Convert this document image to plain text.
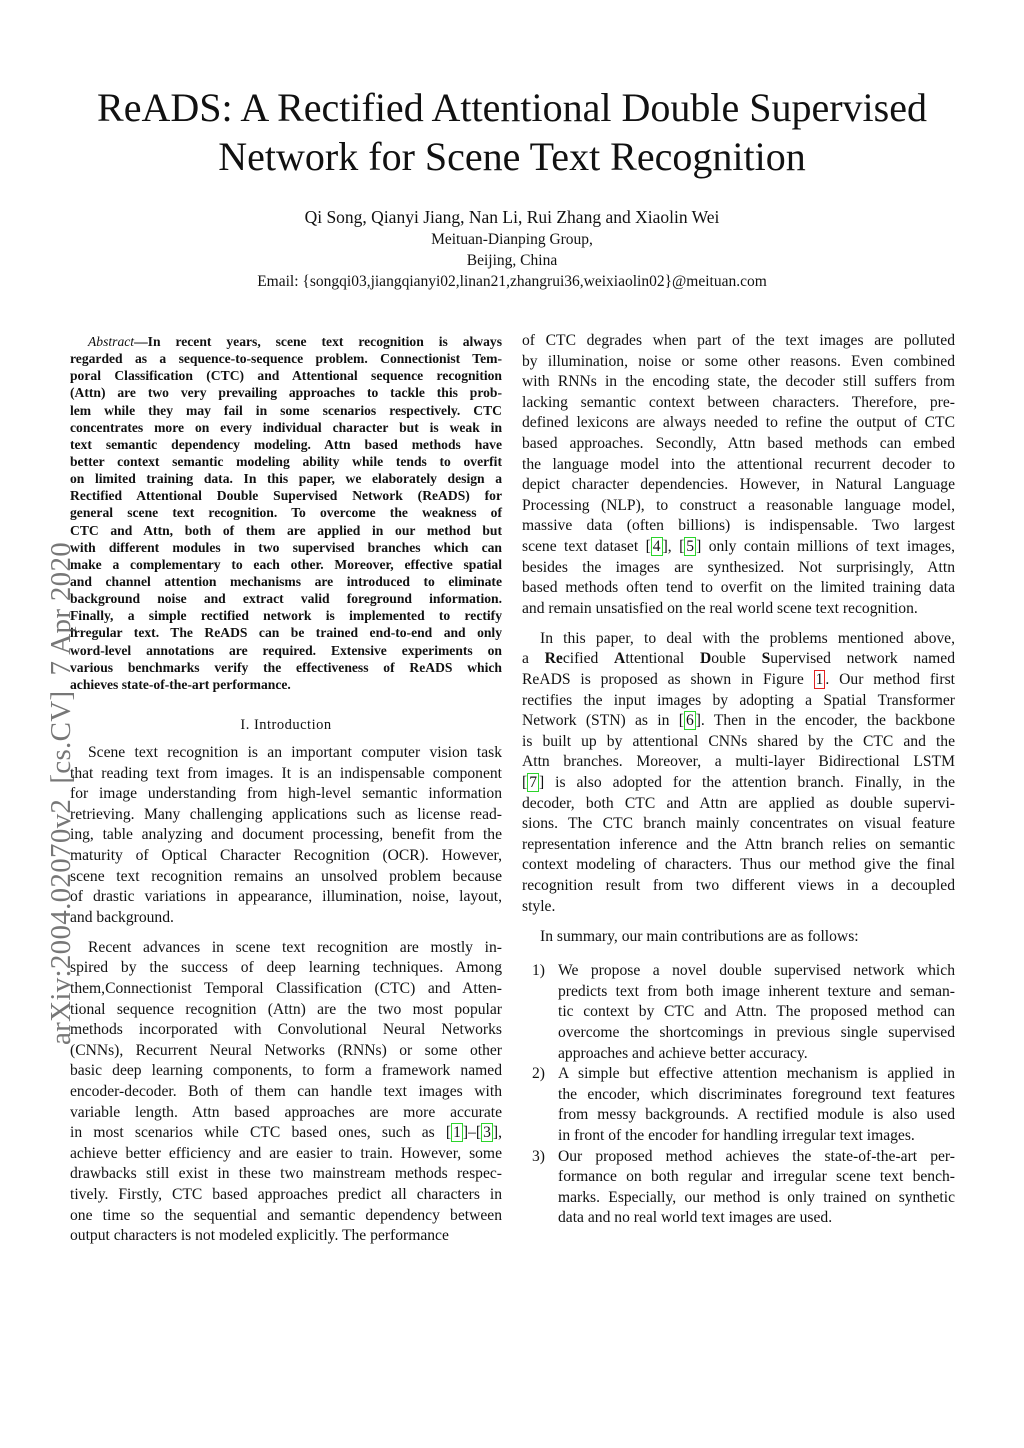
ReADS: A Rectified Attentional Double Supervised
Network for Scene Text Recognition
Qi Song, Qianyi Jiang, Nan Li, Rui Zhang and Xiaolin Wei
Meituan-Dianping Group,
Beijing, China
Email: {songqi03,jiangqianyi02,linan21,zhangrui36,weixiaolin02}@meituan.com
arXiv:2004.02070v2  [cs.CV]  7 Apr 2020
Abstract—In recent years, scene text recognition is always
regarded as a sequence-to-sequence problem. Connectionist Tem-
poral Classification (CTC) and Attentional sequence recognition
(Attn) are two very prevailing approaches to tackle this prob-
lem while they may fail in some scenarios respectively. CTC
concentrates more on every individual character but is weak in
text semantic dependency modeling. Attn based methods have
better context semantic modeling ability while tends to overfit
on limited training data. In this paper, we elaborately design a
Rectified Attentional Double Supervised Network (ReADS) for
general scene text recognition. To overcome the weakness of
CTC and Attn, both of them are applied in our method but
with different modules in two supervised branches which can
make a complementary to each other. Moreover, effective spatial
and channel attention mechanisms are introduced to eliminate
background noise and extract valid foreground information.
Finally, a simple rectified network is implemented to rectify
irregular text. The ReADS can be trained end-to-end and only
word-level annotations are required. Extensive experiments on
various benchmarks verify the effectiveness of ReADS which
achieves state-of-the-art performance.
I. Introduction
Scene text recognition is an important computer vision task
that reading text from images. It is an indispensable component
for image understanding from high-level semantic information
retrieving. Many challenging applications such as license read-
ing, table analyzing and document processing, benefit from the
maturity of Optical Character Recognition (OCR). However,
scene text recognition remains an unsolved problem because
of drastic variations in appearance, illumination, noise, layout,
and background.
Recent advances in scene text recognition are mostly in-
spired by the success of deep learning techniques. Among
them,Connectionist Temporal Classification (CTC) and Atten-
tional sequence recognition (Attn) are the two most popular
methods incorporated with Convolutional Neural Networks
(CNNs), Recurrent Neural Networks (RNNs) or some other
basic deep learning components, to form a framework named
encoder-decoder. Both of them can handle text images with
variable length. Attn based approaches are more accurate
in most scenarios while CTC based ones, such as [ 1 ]–[ 3 ],
achieve better efficiency and are easier to train. However, some
drawbacks still exist in these two mainstream methods respec-
tively. Firstly, CTC based approaches predict all characters in
one time so the sequential and semantic dependency between
output characters is not modeled explicitly. The performance
of CTC degrades when part of the text images are polluted
by illumination, noise or some other reasons. Even combined
with RNNs in the encoding state, the decoder still suffers from
lacking semantic context between characters. Therefore, pre-
defined lexicons are always needed to refine the output of CTC
based approaches. Secondly, Attn based methods can embed
the language model into the attentional recurrent decoder to
depict character dependencies. However, in Natural Language
Processing (NLP), to construct a reasonable language model,
massive data (often billions) is indispensable. Two largest
scene text dataset [ 4 ], [ 5 ] only contain millions of text images,
besides the images are synthesized. Not surprisingly, Attn
based methods often tend to overfit on the limited training data
and remain unsatisfied on the real world scene text recognition.
In this paper, to deal with the problems mentioned above,
a Recified Attentional Double Supervised network named
ReADS is proposed as shown in Figure 1 . Our method first
rectifies the input images by adopting a Spatial Transformer
Network (STN) as in [ 6 ]. Then in the encoder, the backbone
is built up by attentional CNNs shared by the CTC and the
Attn branches. Moreover, a multi-layer Bidirectional LSTM
[ 7 ] is also adopted for the attention branch. Finally, in the
decoder, both CTC and Attn are applied as double supervi-
sions. The CTC branch mainly concentrates on visual feature
representation inference and the Attn branch relies on semantic
context modeling of characters. Thus our method give the final
recognition result from two different views in a decoupled
style.
In summary, our main contributions are as follows:
1) We propose a novel double supervised network which
predicts text from both image inherent texture and seman-
tic context by CTC and Attn. The proposed method can
overcome the shortcomings in previous single supervised
approaches and achieve better accuracy.
2) A simple but effective attention mechanism is applied in
the encoder, which discriminates foreground text features
from messy backgrounds. A rectified module is also used
in front of the encoder for handling irregular text images.
3) Our proposed method achieves the state-of-the-art per-
formance on both regular and irregular scene text bench-
marks. Especially, our method is only trained on synthetic
data and no real world text images are used.
